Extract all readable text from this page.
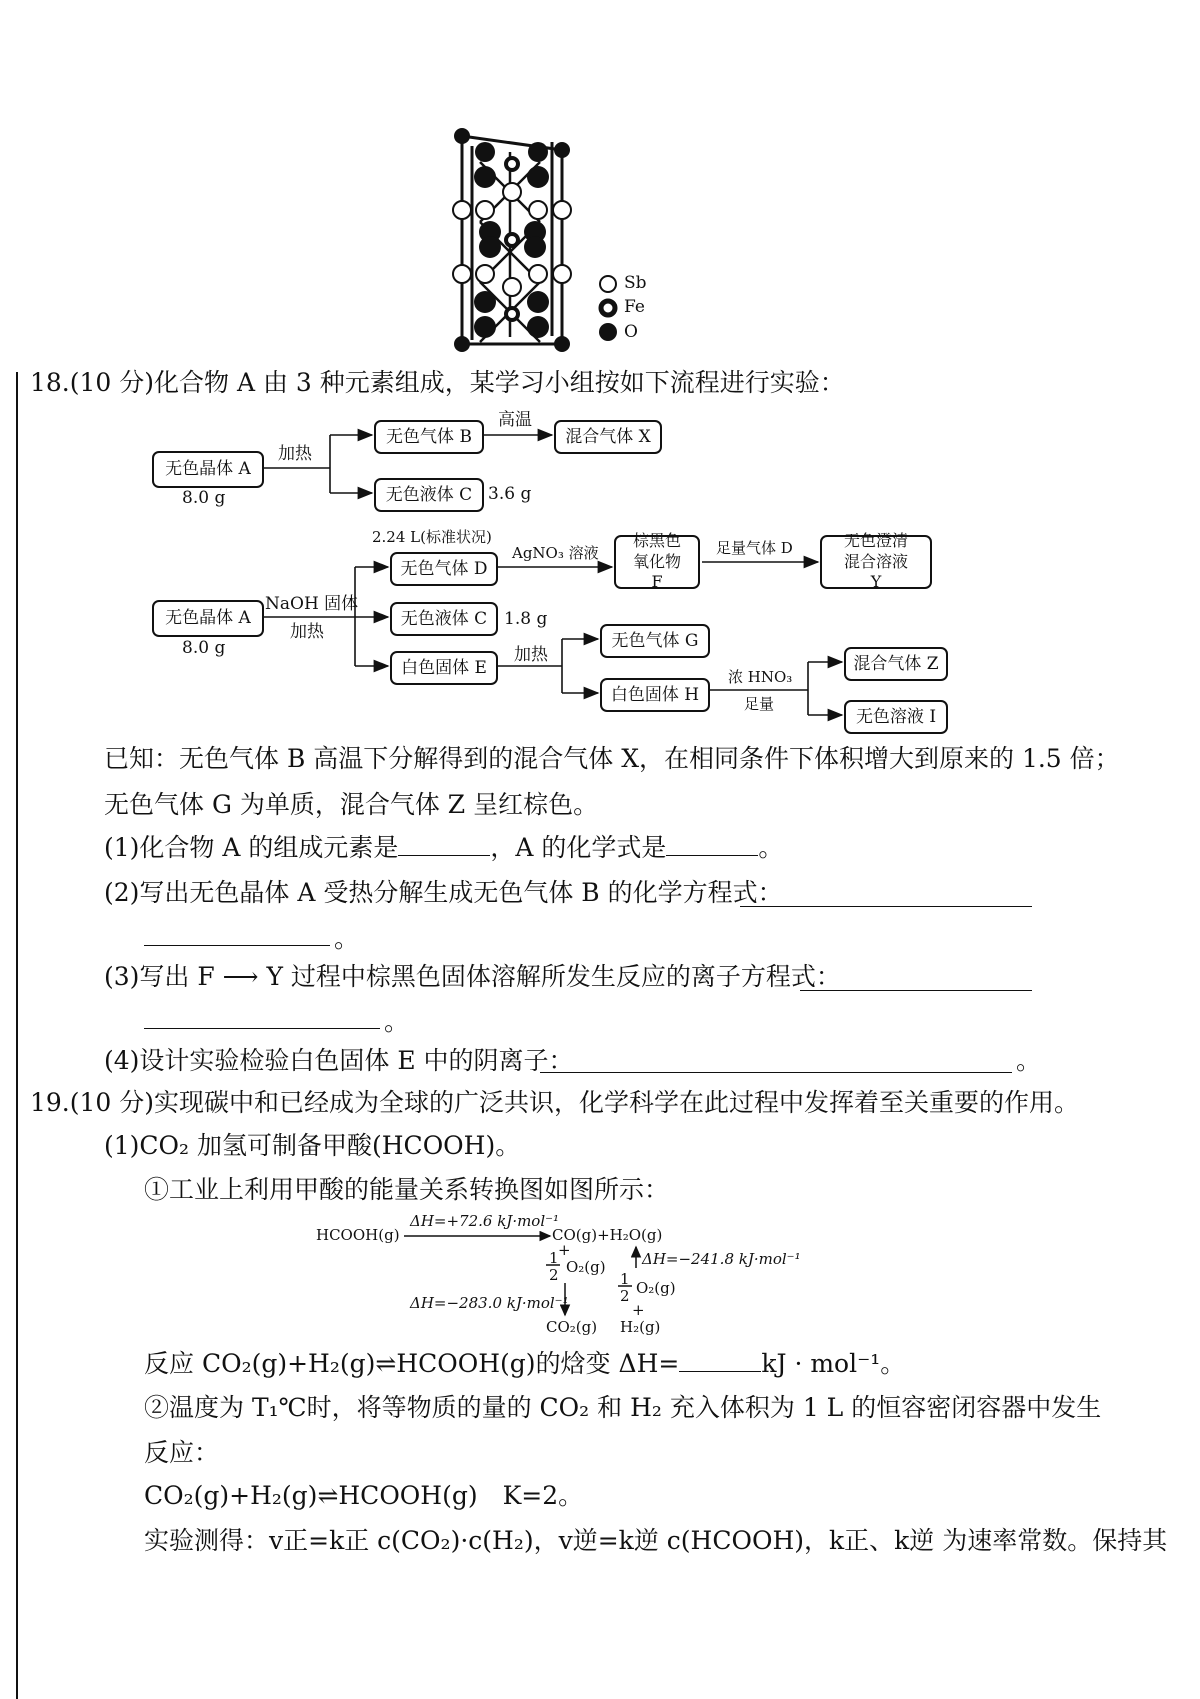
Sb
Fe
O
18.(10 分)化合物 A 由 3 种元素组成，某学习小组按如下流程进行实验：
无色晶体 A
8.0 g
加热
无色气体 B
高温
混合气体 X
无色液体 C 3.6 g
无色晶体 A
8.0 g
NaOH 固体
加热
2.24 L(标准状况)
无色气体 D
AgNO₃ 溶液
棕黑色 氧化物 F
足量气体 D	无色澄清 混合溶液 Y
无色液体 C 1.8 g
白色固体 E
加热
无色气体 G
白色固体 H
浓 HNO₃
足量
混合气体 Z
无色溶液 I
已知：无色气体 B 高温下分解得到的混合气体 X，在相同条件下体积增大到原来的 1.5 倍；
无色气体 G 为单质，混合气体 Z 呈红棕色。
(1)化合物 A 的组成元素是	，A 的化学式是	。
(2)写出无色晶体 A 受热分解生成无色气体 B 的化学方程式：
。
(3)写出 F ⟶ Y 过程中棕黑色固体溶解所发生反应的离子方程式：
。
(4)设计实验检验白色固体 E 中的阴离子：	。
19.(10 分)实现碳中和已经成为全球的广泛共识，化学科学在此过程中发挥着至关重要的作用。
(1)CO₂ 加氢可制备甲酸(HCOOH)。
①工业上利用甲酸的能量关系转换图如图所示：
HCOOH(g)
ΔH=+72.6 kJ·mol⁻¹
CO(g)+H₂O(g)
+
1
2 O₂(g) ΔH=−241.8 kJ·mol⁻¹
1
2 O₂(g)
+
ΔH=−283.0 kJ·mol⁻¹
CO₂(g) H₂(g)
反应 CO₂(g)+H₂(g)⇌HCOOH(g)的焓变 ΔH=	kJ · mol⁻¹。
②温度为 T₁℃时，将等物质的量的 CO₂ 和 H₂ 充入体积为 1 L 的恒容密闭容器中发生
反应：
CO₂(g)+H₂(g)⇌HCOOH(g)　K=2。
实验测得：v正=k正 c(CO₂)·c(H₂)，v逆=k逆 c(HCOOH)，k正、k逆 为速率常数。保持其
